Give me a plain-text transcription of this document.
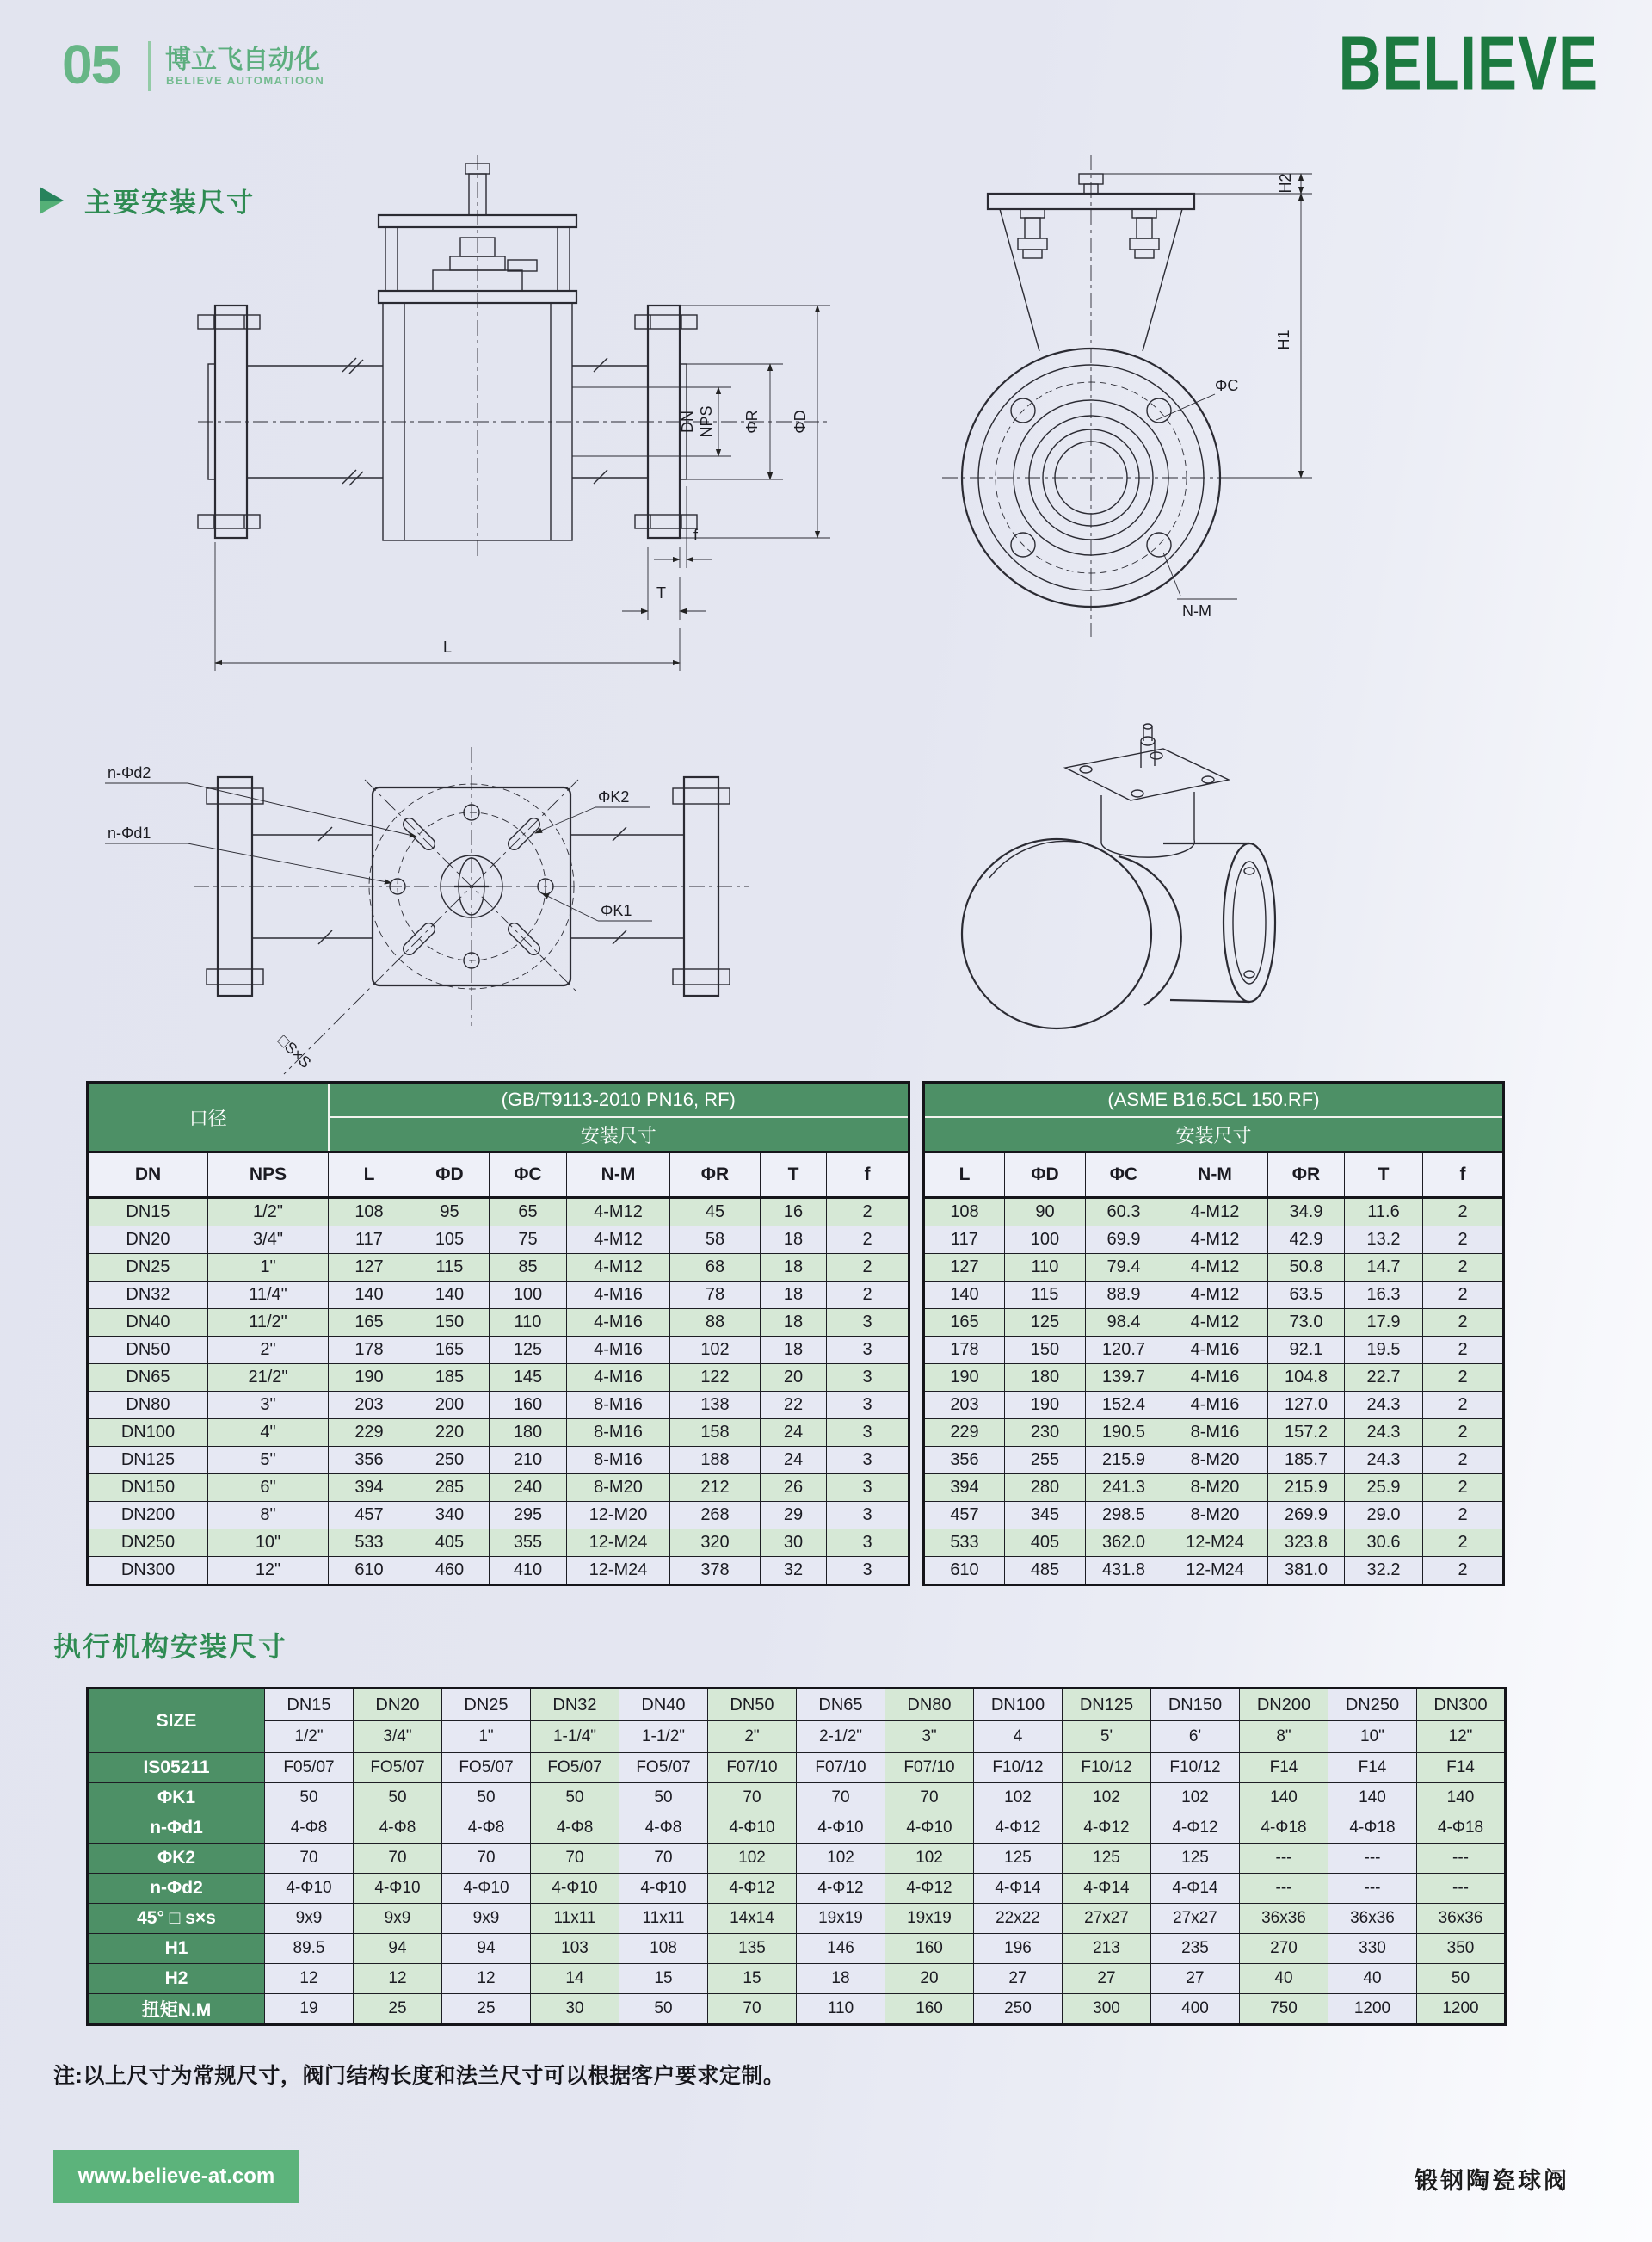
05 博立飞自动化
BELIEVE AUTOMATIOON	BELIEVE
主要安装尺寸
DN NPS ΦR ΦD
f
T
L
H2
H1
ΦC
N-M
n-Φd2
n-Φd1
ΦK2
ΦK1
□S×S
口径		(GB/T9113-2010 PN16, RF)						
		安装尺寸						
DN	NPS	L	ΦD	ΦC	N-M	ΦR	T	f
DN15	1/2"	108	95	65	4-M12	45	16	2
DN20	3/4"	117	105	75	4-M12	58	18	2
DN25	1"	127	115	85	4-M12	68	18	2
DN32	11/4"	140	140	100	4-M16	78	18	2
DN40	11/2"	165	150	110	4-M16	88	18	3
DN50	2"	178	165	125	4-M16	102	18	3
DN65	21/2"	190	185	145	4-M16	122	20	3
DN80	3"	203	200	160	8-M16	138	22	3
DN100	4"	229	220	180	8-M16	158	24	3
DN125	5"	356	250	210	8-M16	188	24	3
DN150	6"	394	285	240	8-M20	212	26	3
DN200	8"	457	340	295	12-M20	268	29	3
DN250	10"	533	405	355	12-M24	320	30	3
DN300	12"	610	460	410	12-M24	378	32	3
(ASME B16.5CL 150.RF)						
安装尺寸						
L	ΦD	ΦC	N-M	ΦR	T	f
108	90	60.3	4-M12	34.9	11.6	2
117	100	69.9	4-M12	42.9	13.2	2
127	110	79.4	4-M12	50.8	14.7	2
140	115	88.9	4-M12	63.5	16.3	2
165	125	98.4	4-M12	73.0	17.9	2
178	150	120.7	4-M16	92.1	19.5	2
190	180	139.7	4-M16	104.8	22.7	2
203	190	152.4	4-M16	127.0	24.3	2
229	230	190.5	8-M16	157.2	24.3	2
356	255	215.9	8-M20	185.7	24.3	2
394	280	241.3	8-M20	215.9	25.9	2
457	345	298.5	8-M20	269.9	29.0	2
533	405	362.0	12-M24	323.8	30.6	2
610	485	431.8	12-M24	381.0	32.2	2
执行机构安装尺寸
SIZE	DN15	DN20	DN25	DN32	DN40	DN50	DN65	DN80	DN100	DN125	DN150	DN200	DN250	DN300
	1/2"	3/4"	1"	1-1/4"	1-1/2"	2"	2-1/2"	3"	4	5'	6'	8"	10"	12"
IS05211	F05/07	FO5/07	FO5/07	FO5/07	FO5/07	F07/10	F07/10	F07/10	F10/12	F10/12	F10/12	F14	F14	F14
ΦK1	50	50	50	50	50	70	70	70	102	102	102	140	140	140
n-Φd1	4-Φ8	4-Φ8	4-Φ8	4-Φ8	4-Φ8	4-Φ10	4-Φ10	4-Φ10	4-Φ12	4-Φ12	4-Φ12	4-Φ18	4-Φ18	4-Φ18
ΦK2	70	70	70	70	70	102	102	102	125	125	125	---	---	---
n-Φd2	4-Φ10	4-Φ10	4-Φ10	4-Φ10	4-Φ10	4-Φ12	4-Φ12	4-Φ12	4-Φ14	4-Φ14	4-Φ14	---	---	---
45° □ s×s	9x9	9x9	9x9	11x11	11x11	14x14	19x19	19x19	22x22	27x27	27x27	36x36	36x36	36x36
H1	89.5	94	94	103	108	135	146	160	196	213	235	270	330	350
H2	12	12	12	14	15	15	18	20	27	27	27	40	40	50
扭矩N.M	19	25	25	30	50	70	110	160	250	300	400	750	1200	1200
注:以上尺寸为常规尺寸，阀门结构长度和法兰尺寸可以根据客户要求定制。
www.believe-at.com	锻钢陶瓷球阀
